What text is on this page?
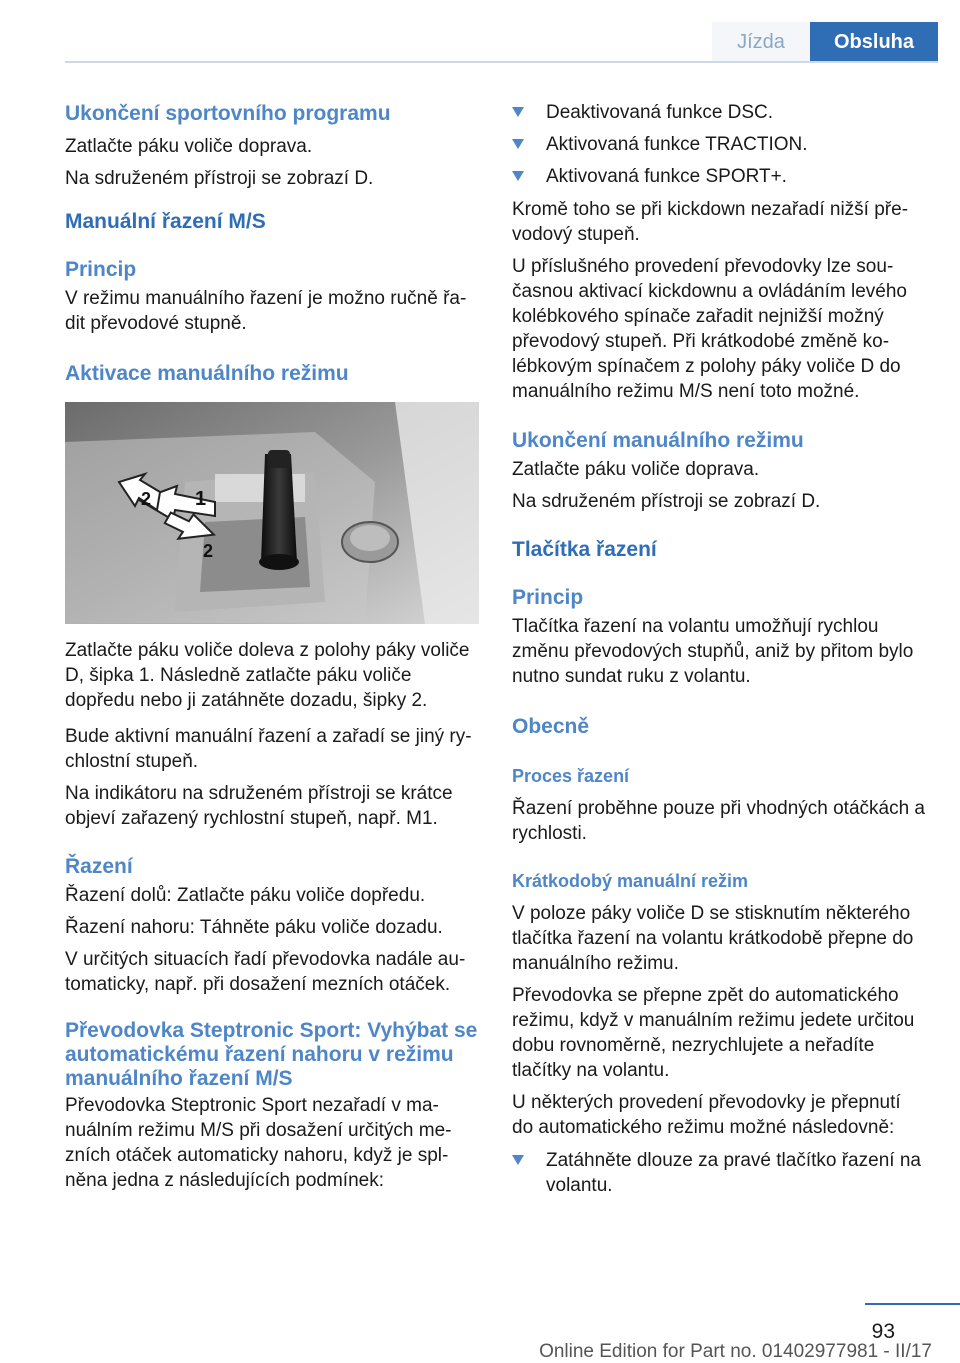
Jízda	Obsluha
Ukončení sportovního programu

Zatlačte páku voliče doprava.

Na sdruženém přístroji se zobrazí D.

Manuální řazení M/S
Princip

V režimu manuálního řazení je možno ručně řadit převodové stupně.

Aktivace manuálního režimu
1
2
2

Zatlačte páku voliče doleva z polohy páky voliče D, šipka 1. Následně zatlačte páku voliče dopředu nebo ji zatáhněte dozadu, šipky 2.

Bude aktivní manuální řazení a zařadí se jiný rychlostní stupeň.

Na indikátoru na sdruženém přístroji se krátce objeví zařazený rychlostní stupeň, např. M1.

Řazení

Řazení dolů: Zatlačte páku voliče dopředu.

Řazení nahoru: Táhněte páku voliče dozadu.

V určitých situacích řadí převodovka nadále automaticky, např. při dosažení mezních otáček.

Převodovka Steptronic Sport: Vyhýbat se automatickému řazení nahoru v režimu manuálního řazení M/S

Převodovka Steptronic Sport nezařadí v manuálním režimu M/S při dosažení určitých mezních otáček automaticky nahoru, když je splněna jedna z následujících podmínek:

Deaktivovaná funkce DSC.
Aktivovaná funkce TRACTION.
Aktivovaná funkce SPORT+.

Kromě toho se při kickdown nezařadí nižší převodový stupeň.

U příslušného provedení převodovky lze současnou aktivací kickdownu a ovládáním levého kolébkového spínače zařadit nejnižší možný převodový stupeň. Při krátkodobé změně kolébkovým spínačem z polohy páky voliče D do manuálního režimu M/S není toto možné.

Ukončení manuálního režimu

Zatlačte páku voliče doprava.

Na sdruženém přístroji se zobrazí D.

Tlačítka řazení
Princip

Tlačítka řazení na volantu umožňují rychlou změnu převodových stupňů, aniž by přitom bylo nutno sundat ruku z volantu.

Obecně
Proces řazení

Řazení proběhne pouze při vhodných otáčkách a rychlosti.

Krátkodobý manuální režim

V poloze páky voliče D se stisknutím některého tlačítka řazení na volantu krátkodobě přepne do manuálního režimu.

Převodovka se přepne zpět do automatického režimu, když v manuálním režimu jedete určitou dobu rovnoměrně, nezrychlujete a neřadíte tlačítky na volantu.

U některých provedení převodovky je přepnutí do automatického režimu možné následovně:

Zatáhněte dlouze za pravé tlačítko řazení na volantu.
93
Online Edition for Part no. 01402977981 - II/17
